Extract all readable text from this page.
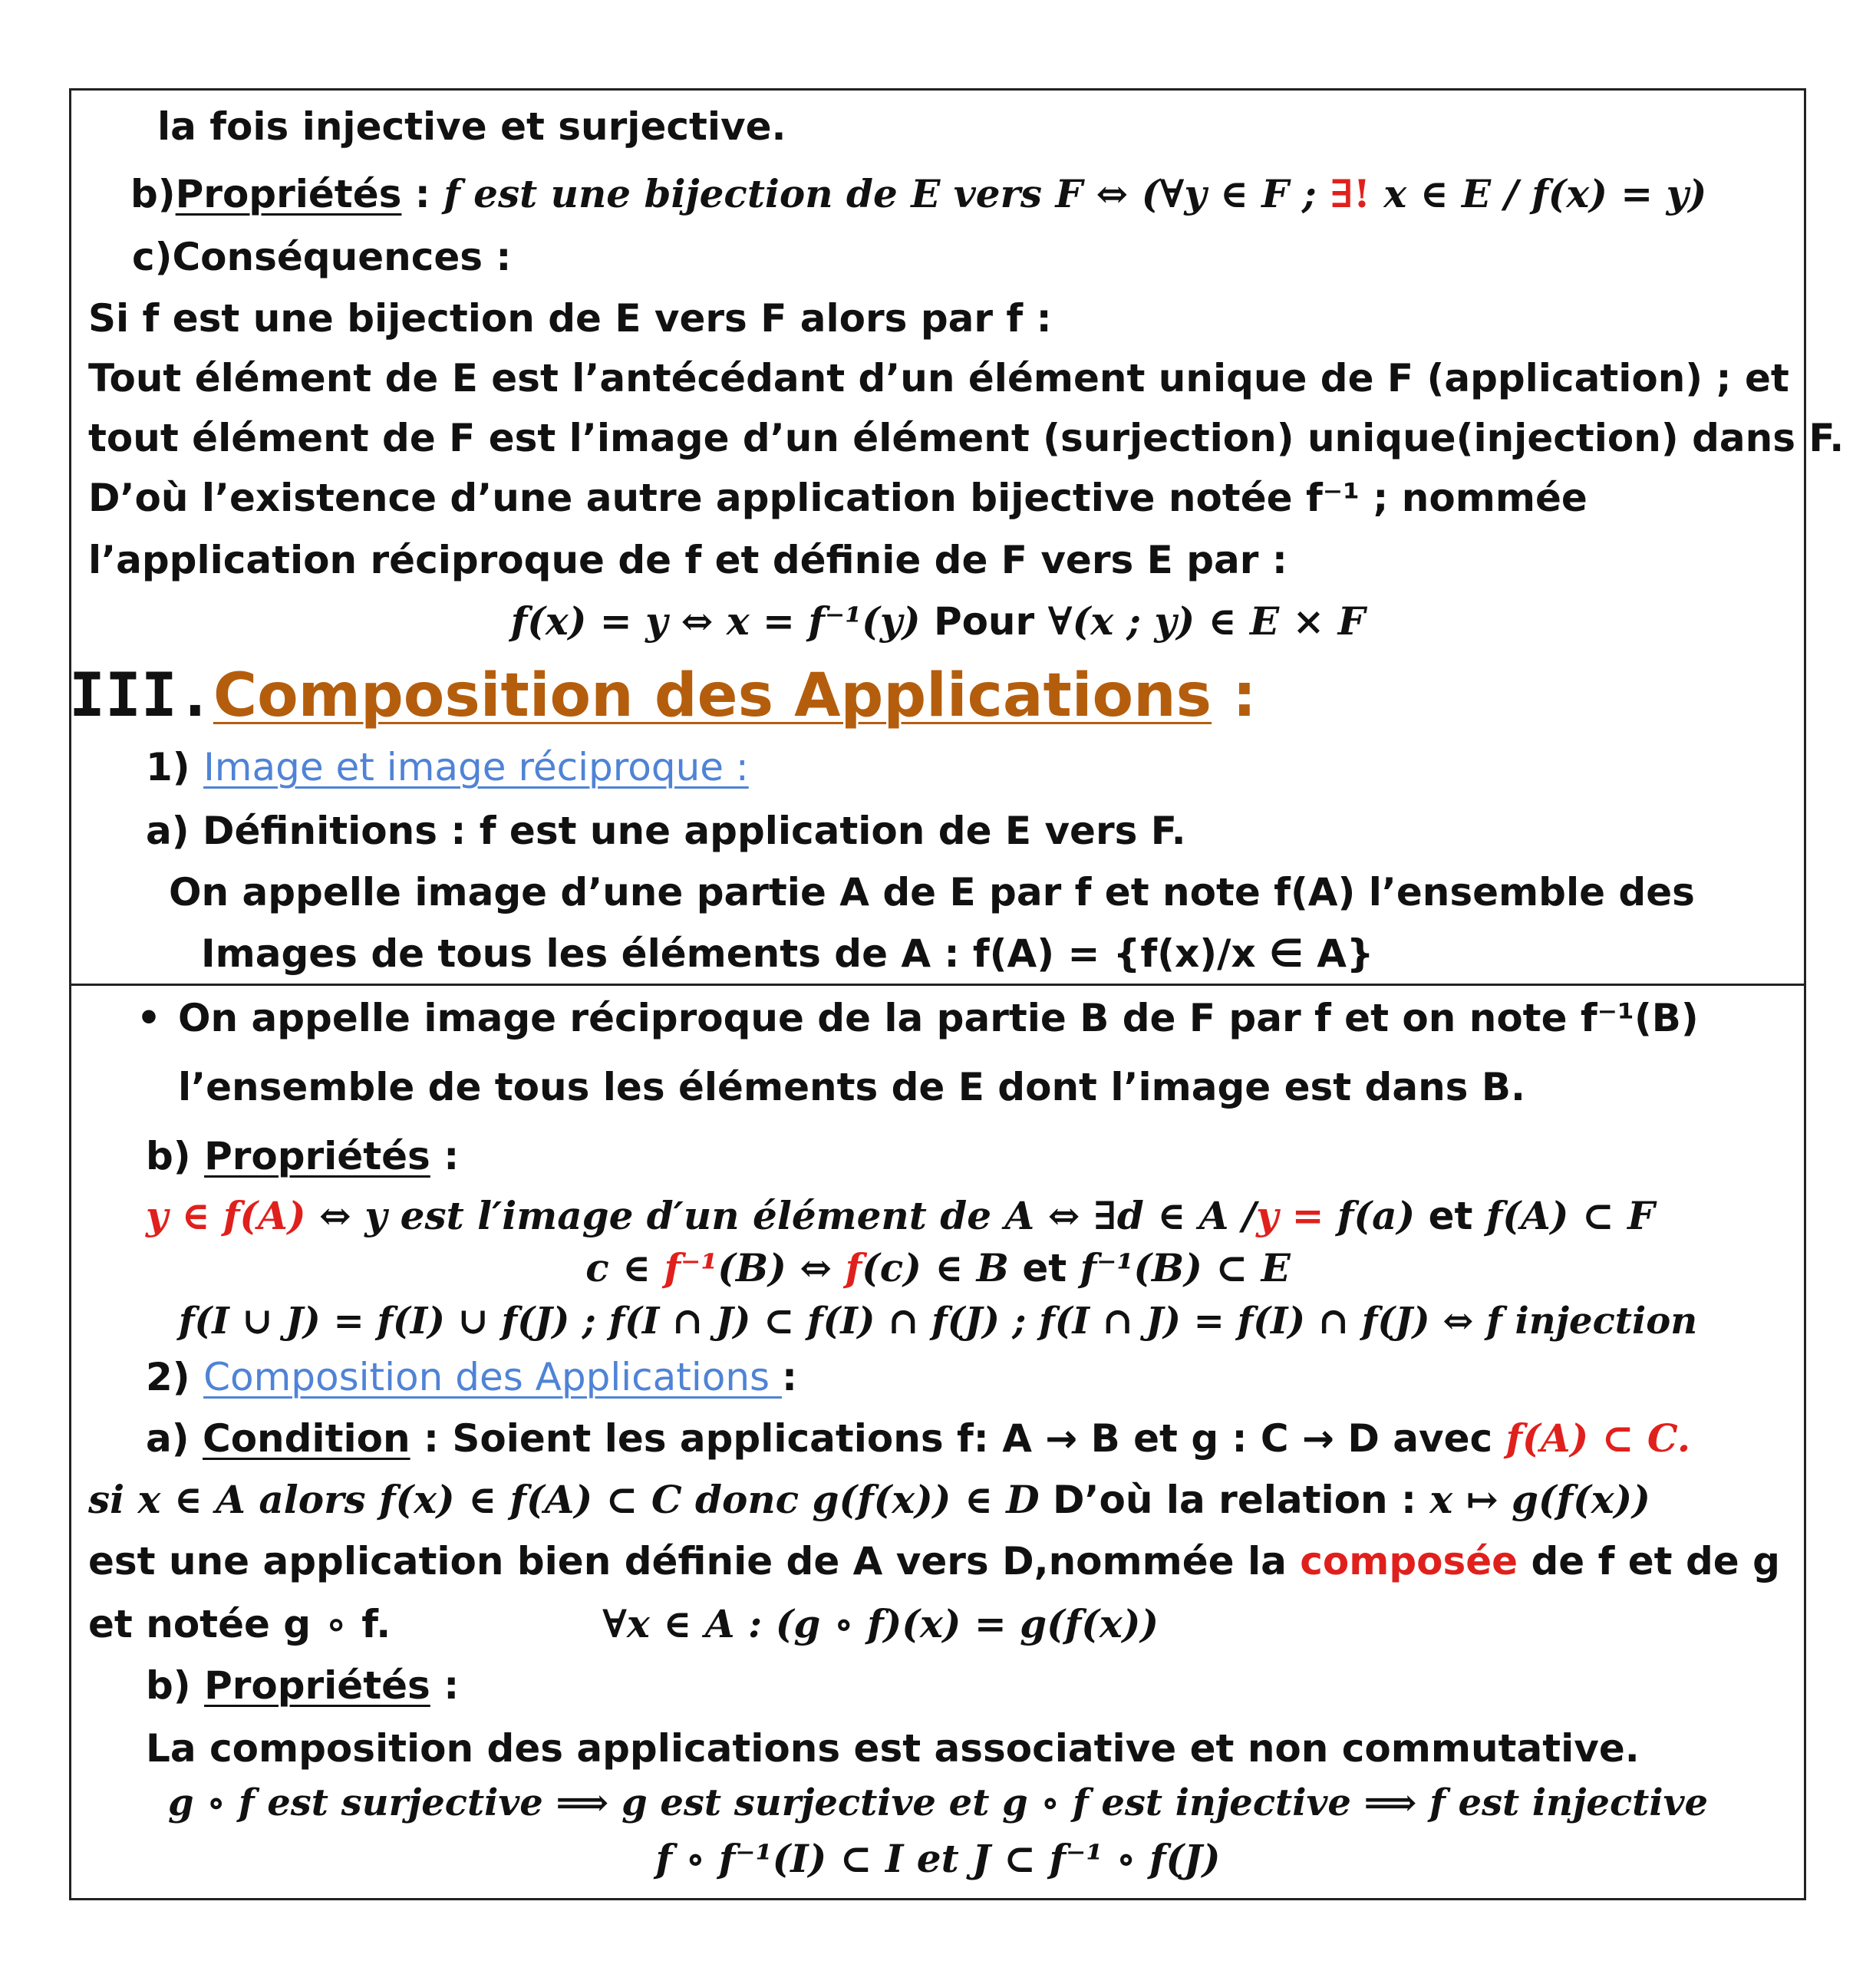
la fois injective et surjective.
b)Propriétés : f est une bijection de E vers F ⇔ (∀y ∈ F ; ∃! x ∈ E / f(x) = y)
c)Conséquences :
Si f est une bijection de E vers F alors par f :
Tout élément de E est l’antécédant d’un élément unique de F (application) ; et
tout élément de F est l’image d’un élément (surjection) unique(injection) dans F.
D’où l’existence d’une autre application bijective notée f⁻¹ ; nommée
l’application réciproque de f et définie de F vers E par :
f(x) = y ⇔ x = f⁻¹(y) Pour ∀(x ; y) ∈ E × F
III.Composition des Applications :
1) Image et image réciproque :
a) Définitions : f est une application de E vers F.
On appelle image d’une partie A de E par f et note f(A) l’ensemble des
Images de tous les éléments de A : f(A) = {f(x)/x ∈ A}
• On appelle image réciproque de la partie B de F par f et on note f⁻¹(B)
l’ensemble de tous les éléments de E dont l’image est dans B.
b) Propriétés :
y ∈ f(A) ⇔ y est l′image d′un élément de A ⇔ ∃d ∈ A /y = f(a) et f(A) ⊂ F
c ∈ f⁻¹(B) ⇔ f(c) ∈ B et f⁻¹(B) ⊂ E
f(I ∪ J) = f(I) ∪ f(J) ; f(I ∩ J) ⊂ f(I) ∩ f(J) ; f(I ∩ J) = f(I) ∩ f(J) ⇔ f injection
2) Composition des Applications :
a) Condition : Soient les applications f: A → B et g : C → D avec f(A) ⊂ C.
si x ∈ A alors f(x) ∈ f(A) ⊂ C donc g(f(x)) ∈ D D’où la relation : x ↦ g(f(x))
est une application bien définie de A vers D,nommée la composée de f et de g
et notée g ∘ f.	∀x ∈ A : (g ∘ f)(x) = g(f(x))
b) Propriétés :
La composition des applications est associative et non commutative.
g ∘ f est surjective ⟹ g est surjective et g ∘ f est injective ⟹ f est injective
f ∘ f⁻¹(I) ⊂ I et J ⊂ f⁻¹ ∘ f(J)
